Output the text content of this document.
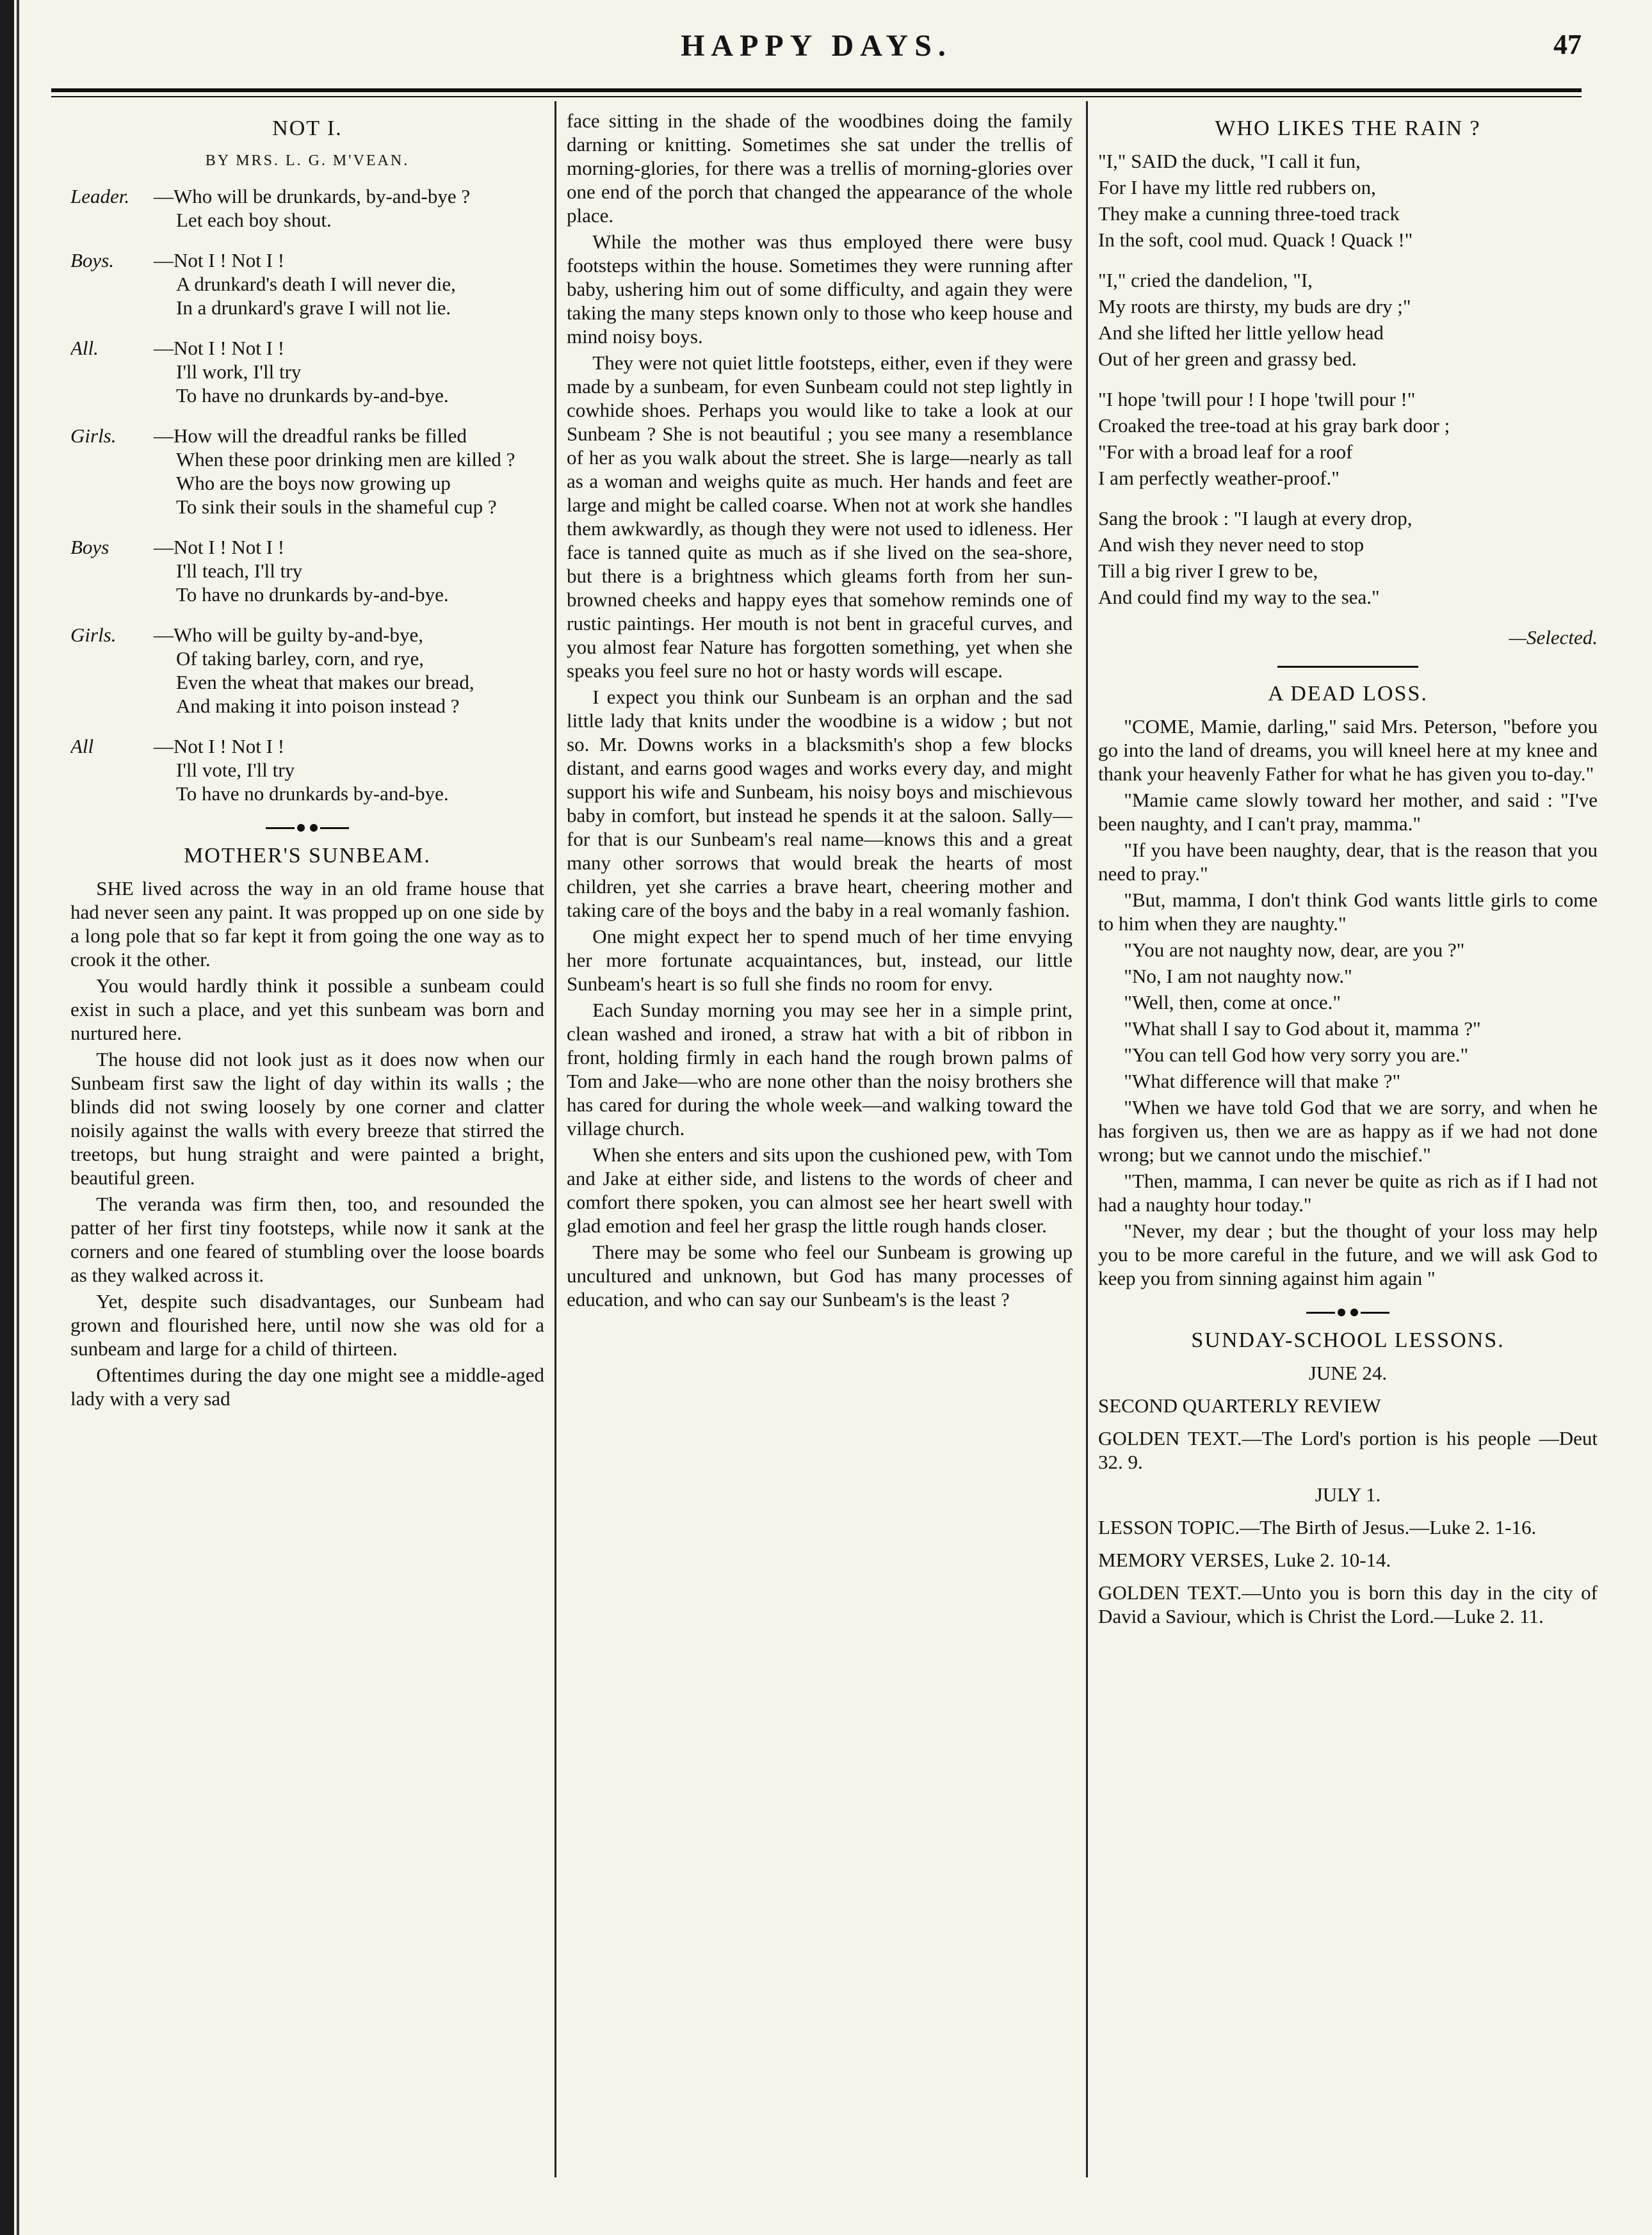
HAPPY DAYS.	47
NOT I.
BY MRS. L. G. M'VEAN.
Leader.	—Who will be drunkards, by-and-bye ?
Let each boy shout.
Boys.	—Not I ! Not I !
A drunkard's death I will never die,
In a drunkard's grave I will not lie.
All.	—Not I ! Not I !
I'll work, I'll try
To have no drunkards by-and-bye.
Girls.	—How will the dreadful ranks be filled
When these poor drinking men are killed ?
Who are the boys now growing up
To sink their souls in the shameful cup ?
Boys	—Not I ! Not I !
I'll teach, I'll try
To have no drunkards by-and-bye.
Girls.	—Who will be guilty by-and-bye,
Of taking barley, corn, and rye,
Even the wheat that makes our bread,
And making it into poison instead ?
All	—Not I ! Not I !
I'll vote, I'll try
To have no drunkards by-and-bye.
MOTHER'S SUNBEAM.

SHE lived across the way in an old frame house that had never seen any paint. It was propped up on one side by a long pole that so far kept it from going the one way as to crook it the other.

You would hardly think it possible a sunbeam could exist in such a place, and yet this sunbeam was born and nurtured here.

The house did not look just as it does now when our Sunbeam first saw the light of day within its walls ; the blinds did not swing loosely by one corner and clatter noisily against the walls with every breeze that stirred the treetops, but hung straight and were painted a bright, beautiful green.

The veranda was firm then, too, and resounded the patter of her first tiny footsteps, while now it sank at the corners and one feared of stumbling over the loose boards as they walked across it.

Yet, despite such disadvantages, our Sunbeam had grown and flourished here, until now she was old for a sunbeam and large for a child of thirteen.

Oftentimes during the day one might see a middle-aged lady with a very sad

face sitting in the shade of the woodbines doing the family darning or knitting. Sometimes she sat under the trellis of morning-glories, for there was a trellis of morning-glories over one end of the porch that changed the appearance of the whole place.

While the mother was thus employed there were busy footsteps within the house. Sometimes they were running after baby, ushering him out of some difficulty, and again they were taking the many steps known only to those who keep house and mind noisy boys.

They were not quiet little footsteps, either, even if they were made by a sunbeam, for even Sunbeam could not step lightly in cowhide shoes. Perhaps you would like to take a look at our Sunbeam ? She is not beautiful ; you see many a resemblance of her as you walk about the street. She is large—nearly as tall as a woman and weighs quite as much. Her hands and feet are large and might be called coarse. When not at work she handles them awkwardly, as though they were not used to idleness. Her face is tanned quite as much as if she lived on the sea-shore, but there is a brightness which gleams forth from her sun-browned cheeks and happy eyes that somehow reminds one of rustic paintings. Her mouth is not bent in graceful curves, and you almost fear Nature has forgotten something, yet when she speaks you feel sure no hot or hasty words will escape.

I expect you think our Sunbeam is an orphan and the sad little lady that knits under the woodbine is a widow ; but not so. Mr. Downs works in a blacksmith's shop a few blocks distant, and earns good wages and works every day, and might support his wife and Sunbeam, his noisy boys and mischievous baby in comfort, but instead he spends it at the saloon. Sally—for that is our Sunbeam's real name—knows this and a great many other sorrows that would break the hearts of most children, yet she carries a brave heart, cheering mother and taking care of the boys and the baby in a real womanly fashion.

One might expect her to spend much of her time envying her more fortunate acquaintances, but, instead, our little Sunbeam's heart is so full she finds no room for envy.

Each Sunday morning you may see her in a simple print, clean washed and ironed, a straw hat with a bit of ribbon in front, holding firmly in each hand the rough brown palms of Tom and Jake—who are none other than the noisy brothers she has cared for during the whole week—and walking toward the village church.

When she enters and sits upon the cushioned pew, with Tom and Jake at either side, and listens to the words of cheer and comfort there spoken, you can almost see her heart swell with glad emotion and feel her grasp the little rough hands closer.

There may be some who feel our Sunbeam is growing up uncultured and unknown, but God has many processes of education, and who can say our Sunbeam's is the least ?

WHO LIKES THE RAIN ?

"I," SAID the duck, "I call it fun,

For I have my little red rubbers on,

They make a cunning three-toed track

In the soft, cool mud. Quack ! Quack !"

"I," cried the dandelion, "I,

My roots are thirsty, my buds are dry ;"

And she lifted her little yellow head

Out of her green and grassy bed.

"I hope 'twill pour ! I hope 'twill pour !"

Croaked the tree-toad at his gray bark door ;

"For with a broad leaf for a roof

I am perfectly weather-proof."

Sang the brook : "I laugh at every drop,

And wish they never need to stop

Till a big river I grew to be,

And could find my way to the sea."

—Selected.
A DEAD LOSS.

"COME, Mamie, darling," said Mrs. Peterson, "before you go into the land of dreams, you will kneel here at my knee and thank your heavenly Father for what he has given you to-day."

"Mamie came slowly toward her mother, and said : "I've been naughty, and I can't pray, mamma."

"If you have been naughty, dear, that is the reason that you need to pray."

"But, mamma, I don't think God wants little girls to come to him when they are naughty."

"You are not naughty now, dear, are you ?"

"No, I am not naughty now."

"Well, then, come at once."

"What shall I say to God about it, mamma ?"

"You can tell God how very sorry you are."

"What difference will that make ?"

"When we have told God that we are sorry, and when he has forgiven us, then we are as happy as if we had not done wrong; but we cannot undo the mischief."

"Then, mamma, I can never be quite as rich as if I had not had a naughty hour today."

"Never, my dear ; but the thought of your loss may help you to be more careful in the future, and we will ask God to keep you from sinning against him again "

SUNDAY-SCHOOL LESSONS.

JUNE 24.

SECOND QUARTERLY REVIEW

GOLDEN TEXT.—The Lord's portion is his people —Deut 32. 9.

JULY 1.

LESSON TOPIC.—The Birth of Jesus.—Luke 2. 1-16.

MEMORY VERSES, Luke 2. 10-14.

GOLDEN TEXT.—Unto you is born this day in the city of David a Saviour, which is Christ the Lord.—Luke 2. 11.
